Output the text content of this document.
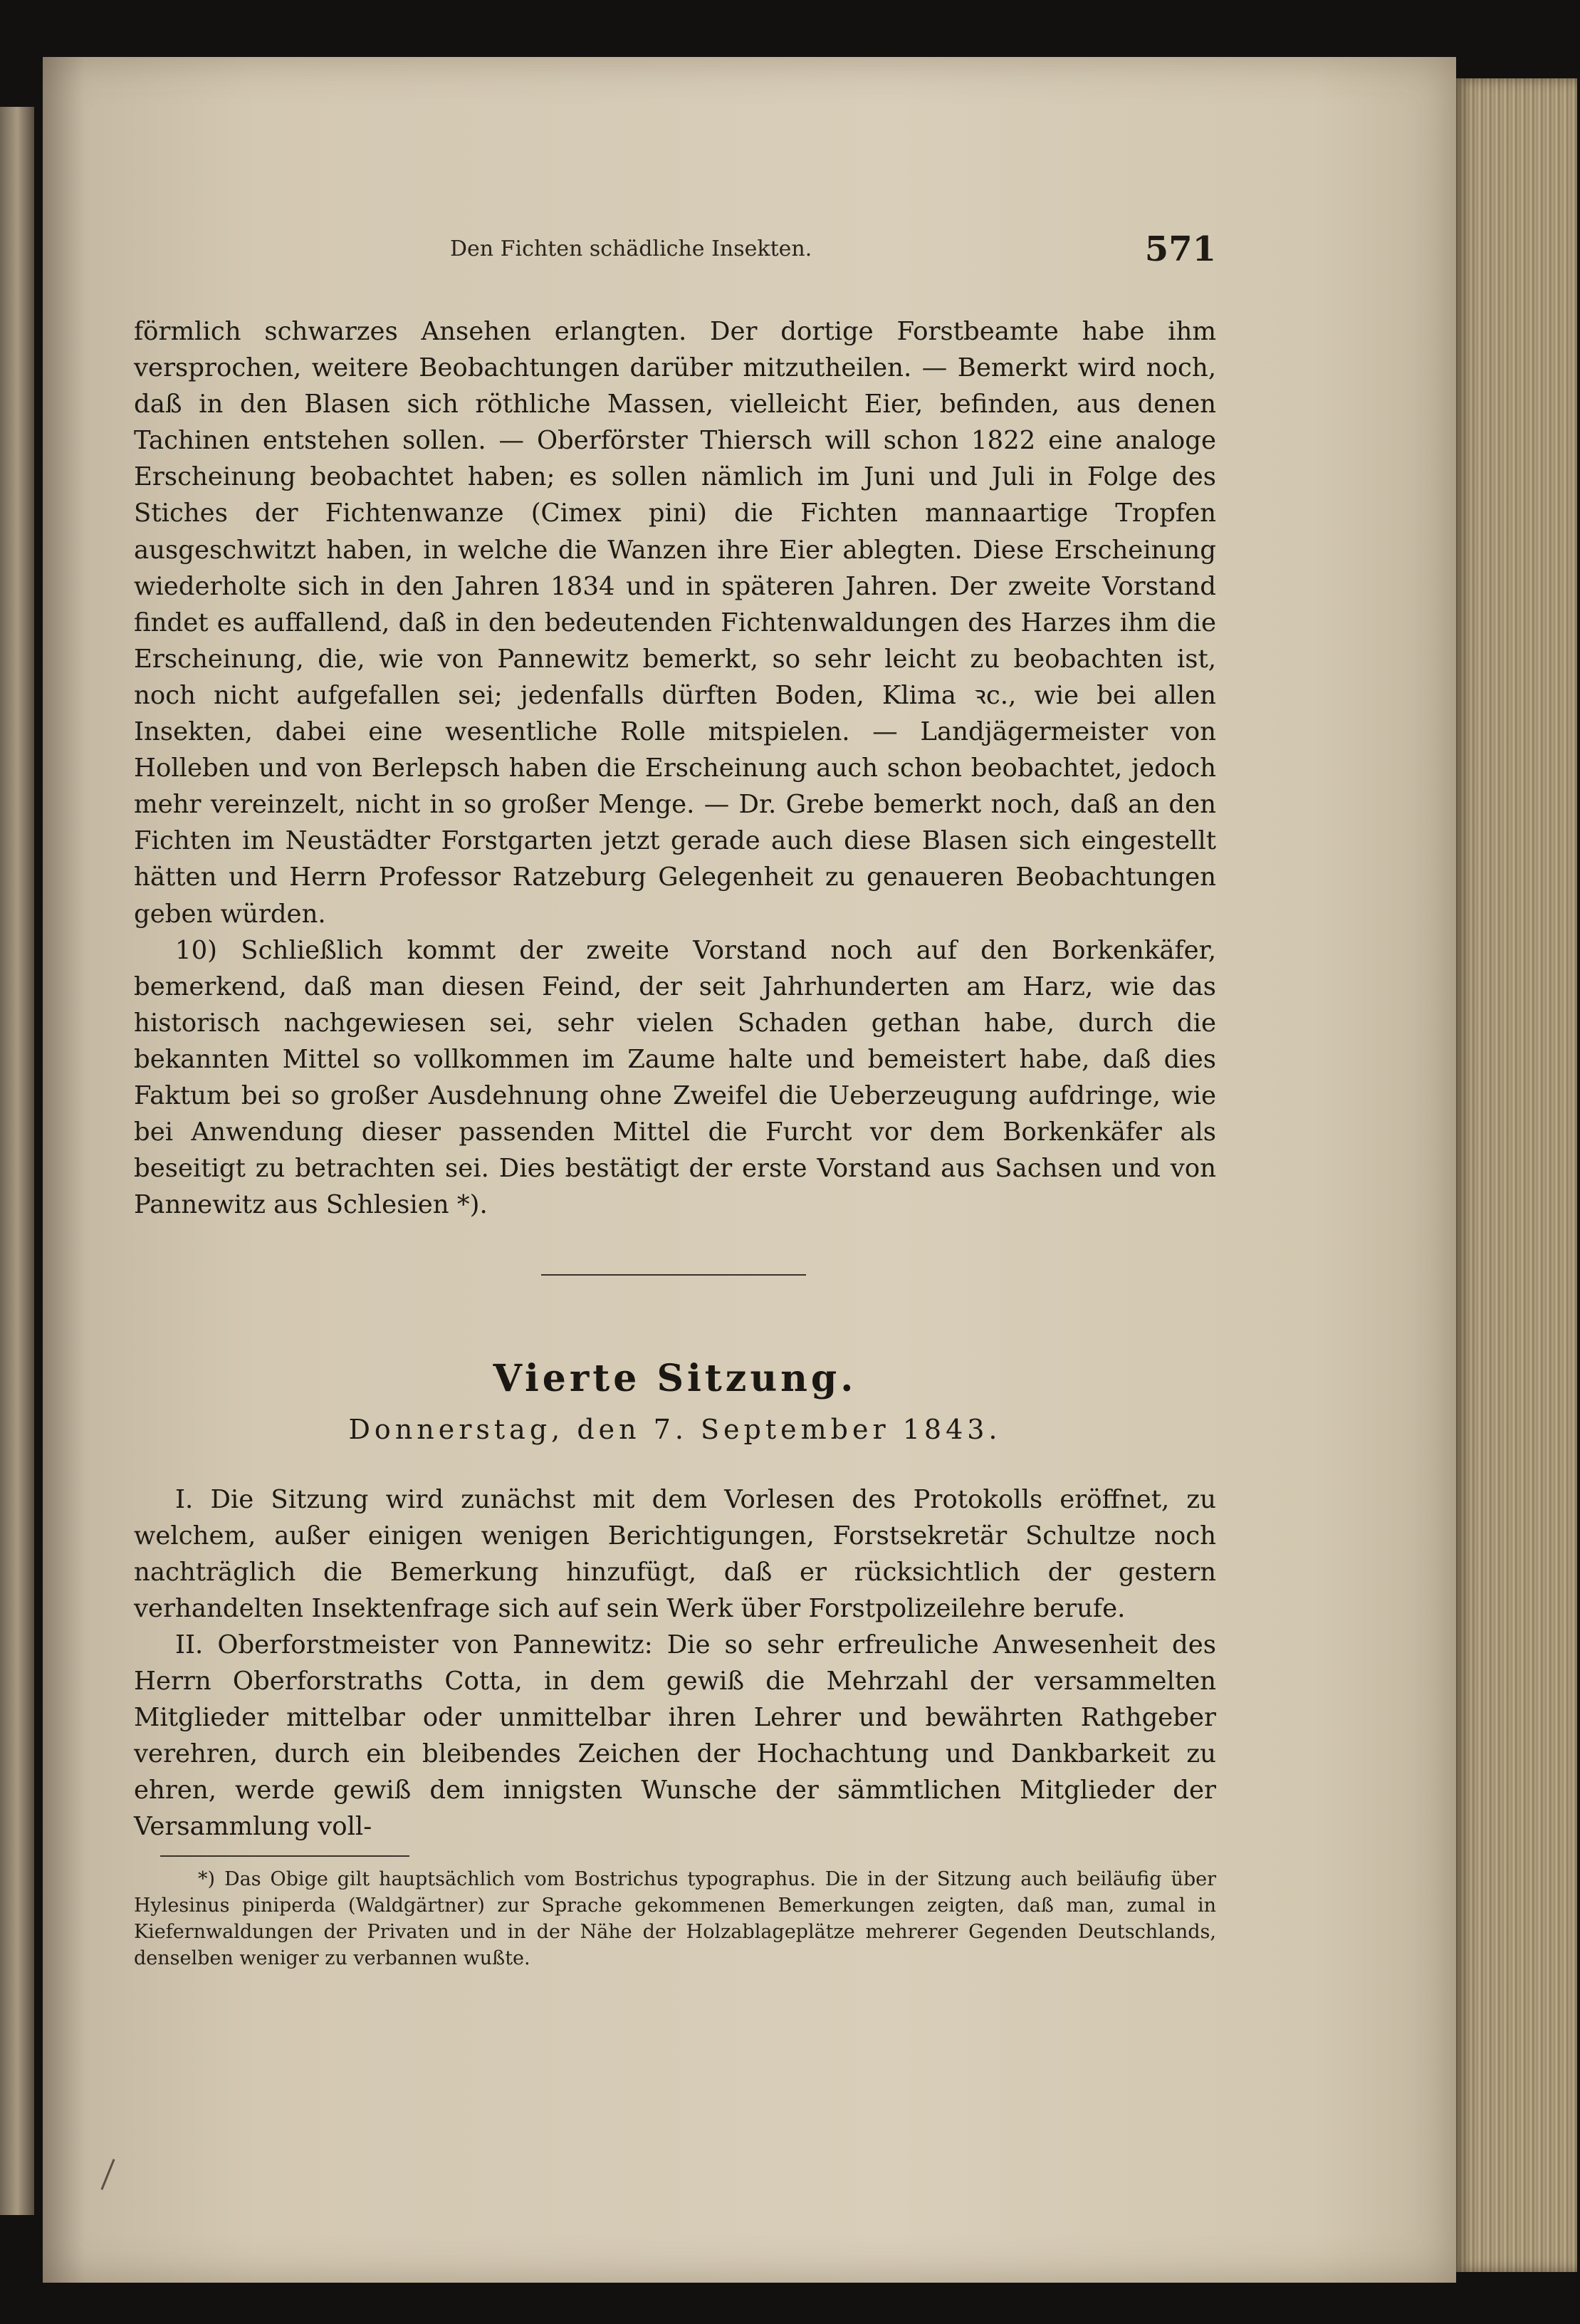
Den Fichten schädliche Insekten.	571

förmlich schwarzes Ansehen erlangten. Der dortige Forstbeamte habe ihm versprochen, weitere Beobachtungen darüber mitzutheilen. — Bemerkt wird noch, daß in den Blasen sich röthliche Massen, vielleicht Eier, befinden, aus denen Tachinen entstehen sollen. — Oberförster Thiersch will schon 1822 eine analoge Erscheinung beobachtet haben; es sollen nämlich im Juni und Juli in Folge des Stiches der Fichtenwanze (Cimex pini) die Fichten mannaartige Tropfen ausgeschwitzt haben, in welche die Wanzen ihre Eier ablegten. Diese Erscheinung wiederholte sich in den Jahren 1834 und in späteren Jahren. Der zweite Vorstand findet es auffallend, daß in den bedeutenden Fichtenwaldungen des Harzes ihm die Erscheinung, die, wie von Pannewitz bemerkt, so sehr leicht zu beobachten ist, noch nicht aufgefallen sei; jedenfalls dürften Boden, Klima ꝛc., wie bei allen Insekten, dabei eine wesentliche Rolle mitspielen. — Landjägermeister von Holleben und von Berlepsch haben die Erscheinung auch schon beobachtet, jedoch mehr vereinzelt, nicht in so großer Menge. — Dr. Grebe bemerkt noch, daß an den Fichten im Neustädter Forstgarten jetzt gerade auch diese Blasen sich eingestellt hätten und Herrn Professor Ratzeburg Gelegenheit zu genaueren Beobachtungen geben würden.

10) Schließlich kommt der zweite Vorstand noch auf den Borkenkäfer, bemerkend, daß man diesen Feind, der seit Jahrhunderten am Harz, wie das historisch nachgewiesen sei, sehr vielen Schaden gethan habe, durch die bekannten Mittel so vollkommen im Zaume halte und bemeistert habe, daß dies Faktum bei so großer Ausdehnung ohne Zweifel die Ueberzeugung aufdringe, wie bei Anwendung dieser passenden Mittel die Furcht vor dem Borkenkäfer als beseitigt zu betrachten sei. Dies bestätigt der erste Vorstand aus Sachsen und von Pannewitz aus Schlesien *).

Vierte Sitzung.
Donnerstag, den 7. September 1843.

I. Die Sitzung wird zunächst mit dem Vorlesen des Protokolls eröffnet, zu welchem, außer einigen wenigen Berichtigungen, Forstsekretär Schultze noch nachträglich die Bemerkung hinzufügt, daß er rücksichtlich der gestern verhandelten Insektenfrage sich auf sein Werk über Forstpolizeilehre berufe.

II. Oberforstmeister von Pannewitz: Die so sehr erfreuliche Anwesenheit des Herrn Oberforstraths Cotta, in dem gewiß die Mehrzahl der versammelten Mitglieder mittelbar oder unmittelbar ihren Lehrer und bewährten Rathgeber verehren, durch ein bleibendes Zeichen der Hochachtung und Dankbarkeit zu ehren, werde gewiß dem innigsten Wunsche der sämmtlichen Mitglieder der Versammlung voll-

*) Das Obige gilt hauptsächlich vom Bostrichus typographus. Die in der Sitzung auch beiläufig über Hylesinus piniperda (Waldgärtner) zur Sprache gekommenen Bemerkungen zeigten, daß man, zumal in Kiefernwaldungen der Privaten und in der Nähe der Holzablageplätze mehrerer Gegenden Deutschlands, denselben weniger zu verbannen wußte.
